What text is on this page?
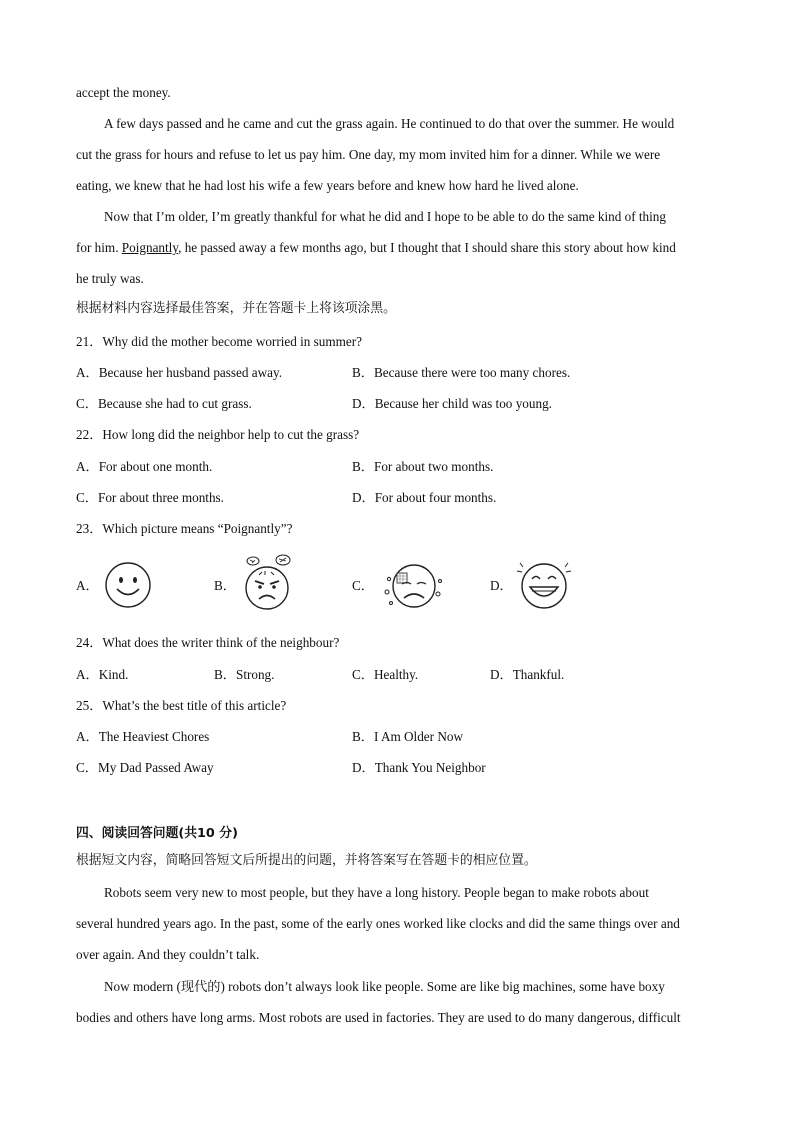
accept the money.
A few days passed and he came and cut the grass again. He continued to do that over the summer. He would
cut the grass for hours and refuse to let us pay him. One day, my mom invited him for a dinner. While we were
eating, we knew that he had lost his wife a few years before and knew how hard he lived alone.
Now that I’m older, I’m greatly thankful for what he did and I hope to be able to do the same kind of thing
for him. Poignantly, he passed away a few months ago, but I thought that I should share this story about how kind
he truly was.
根据材料内容选择最佳答案，并在答题卡上将该项涂黑。
21．Why did the mother become worried in summer?
A．Because her husband passed away.	B．Because there were too many chores.
C．Because she had to cut grass.	D．Because her child was too young.
22．How long did the neighbor help to cut the grass?
A．For about one month.	B．For about two months.
C．For about three months.	D．For about four months.
23．Which picture means “Poignantly”?
A．	B．	C．	D．
24．What does the writer think of the neighbour?
A．Kind.	B．Strong.	C．Healthy.	D．Thankful.
25．What’s the best title of this article?
A．The Heaviest Chores	B．I Am Older Now
C．My Dad Passed Away	D．Thank You Neighbor
四、阅读回答问题(共10 分)
根据短文内容，简略回答短文后所提出的问题，并将答案写在答题卡的相应位置。
Robots seem very new to most people, but they have a long history. People began to make robots about
several hundred years ago. In the past, some of the early ones worked like clocks and did the same things over and
over again. And they couldn’t talk.
Now modern (现代的) robots don’t always look like people. Some are like big machines, some have boxy
bodies and others have long arms. Most robots are used in factories. They are used to do many dangerous, difficult
